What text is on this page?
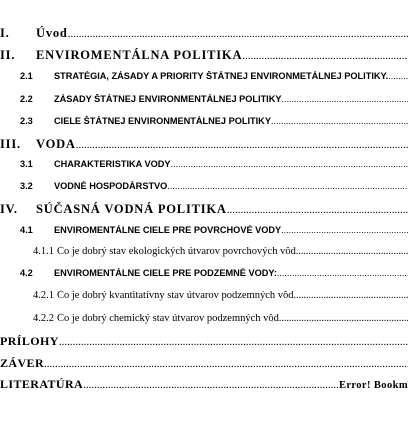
I.	Úvod
.....
II.	ENVIROMENTÁLNA POLITIKA
.....
2.1	STRATÉGIA, ZÁSADY A PRIORITY ŠTÁTNEJ ENVIRONMETÁLNEJ POLITIKY.
.....
2.2	ZÁSADY ŠTÁTNEJ ENVIRONMENTÁLNEJ POLITIKY
.....
2.3	CIELE ŠTÁTNEJ ENVIRONMENTÁLNEJ POLITIKY
.....
III.	VODA
.....
3.1	CHARAKTERISTIKA VODY
.....
3.2	VODNÉ HOSPODÁRSTVO
.....
IV.	SÚČASNÁ VODNÁ POLITIKA
.....
4.1	ENVIROMENTÁLNE CIELE PRE POVRCHOVÉ VODY
.....
4.1.1 Čo je dobrý stav ekologických útvarov povrchových vôd
.....
4.2	ENVIROMENTÁLNE CIELE PRE PODZEMNÉ VODY:
.....
4.2.1 Čo je dobrý kvantitatívny stav útvarov podzemných vôd
.....
4.2.2 Čo je dobrý chemický stav útvarov podzemných vôd
.....
PRÍLOHY
.....
ZÁVER
.....
LITERATÚRA
.....	Error! Bookm
